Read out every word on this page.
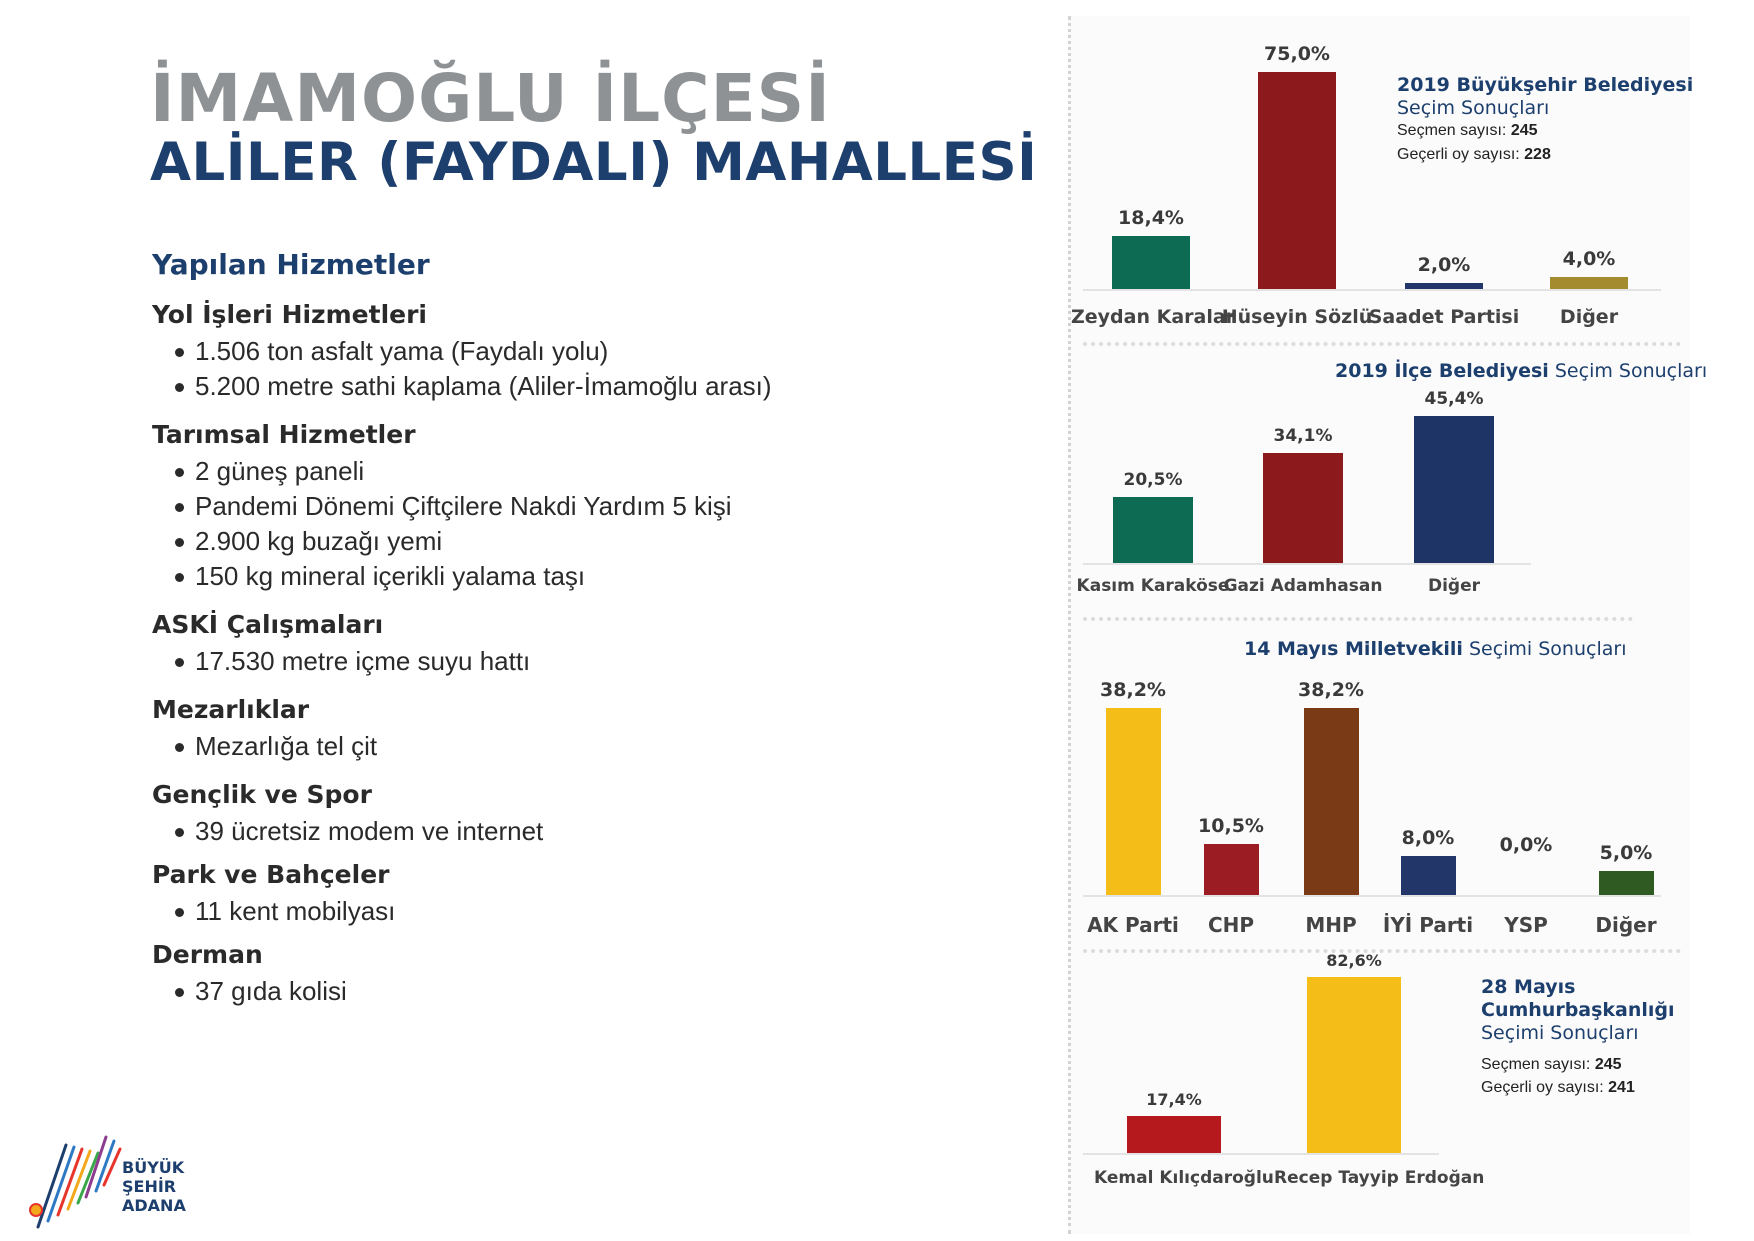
İMAMOĞLU İLÇESİ
ALİLER (FAYDALI) MAHALLESİ
Yapılan Hizmetler
Yol İşleri Hizmetleri
1.506 ton asfalt yama (Faydalı yolu)
5.200 metre sathi kaplama (Aliler-İmamoğlu arası)
Tarımsal Hizmetler
2 güneş paneli
Pandemi Dönemi Çiftçilere Nakdi Yardım 5 kişi
2.900 kg buzağı yemi
150 kg mineral içerikli yalama taşı
ASKİ Çalışmaları
17.530 metre içme suyu hattı
Mezarlıklar
Mezarlığa tel çit
Gençlik ve Spor
39 ücretsiz modem ve internet
Park ve Bahçeler
11 kent mobilyası
Derman
37 gıda kolisi
BÜYÜK
ŞEHİR
ADANA
2019 Büyükşehir Belediyesi
Seçim Sonuçları
Seçmen sayısı: 245
Geçerli oy sayısı: 228
18,4%
Zeydan Karalar
75,0%
Hüseyin Sözlü
2,0%
Saadet Partisi
4,0%
Diğer
2019 İlçe Belediyesi Seçim Sonuçları
20,5%
Kasım Karaköse
34,1%
Gazi Adamhasan
45,4%
Diğer
14 Mayıs Milletvekili Seçimi Sonuçları
38,2%
AK Parti
10,5%
CHP
38,2%
MHP
8,0%
İYİ Parti
0,0%
YSP
5,0%
Diğer
28 Mayıs
Cumhurbaşkanlığı
Seçimi Sonuçları
Seçmen sayısı: 245
Geçerli oy sayısı: 241
17,4%
Kemal Kılıçdaroğlu
82,6%
Recep Tayyip Erdoğan
